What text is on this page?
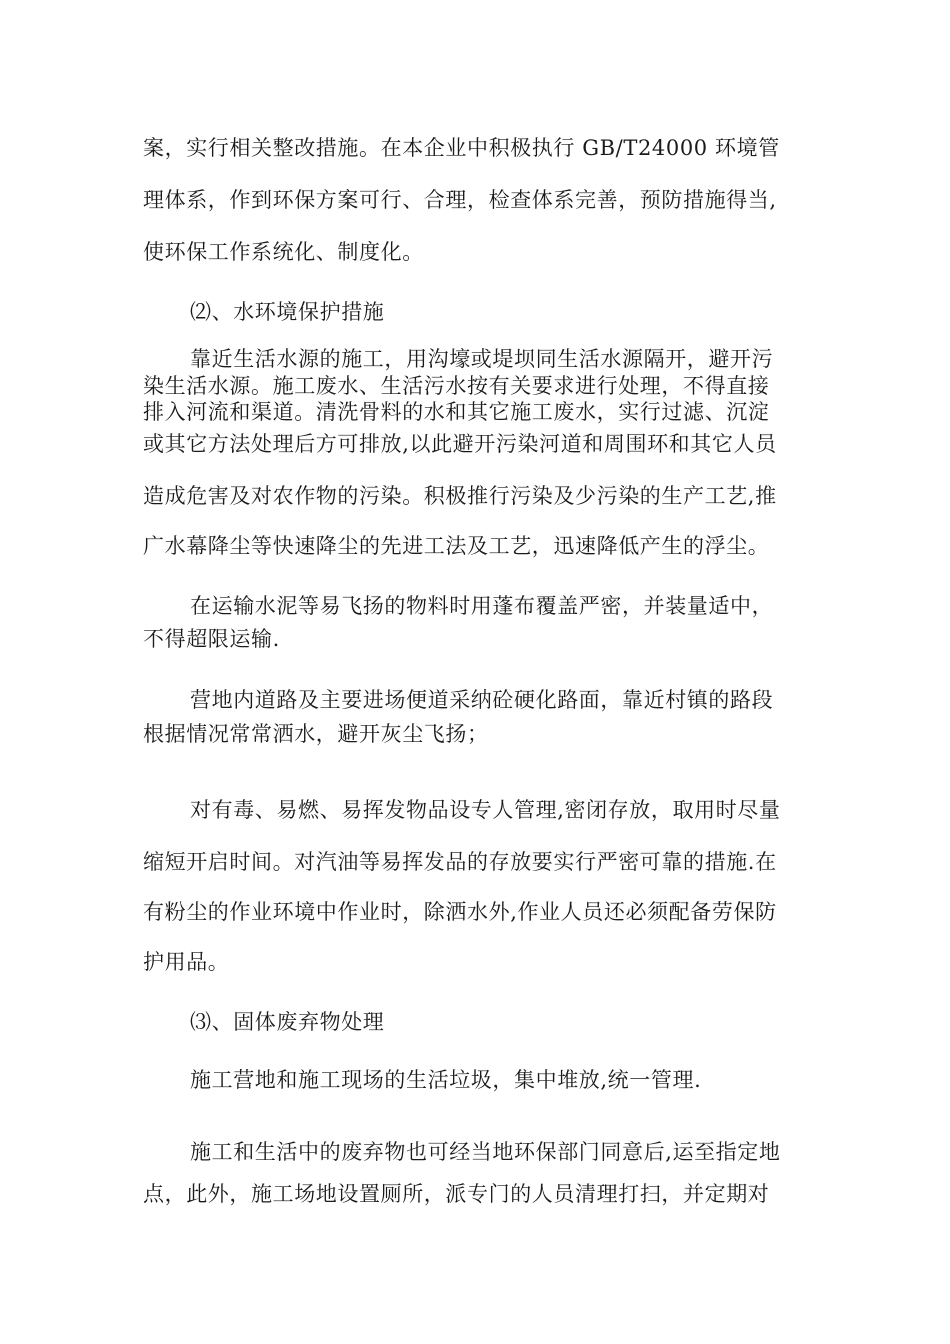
案，实行相关整改措施。在本企业中积极执行 GB/T24000 环境管
理体系，作到环保方案可行、合理，检查体系完善，预防措施得当,
使环保工作系统化、制度化。
⑵、水环境保护措施
靠近生活水源的施工，用沟壕或堤坝同生活水源隔开，避开污
染生活水源。施工废水、生活污水按有关要求进行处理，不得直接
排入河流和渠道。清洗骨料的水和其它施工废水，实行过滤、沉淀
或其它方法处理后方可排放,以此避开污染河道和周围环和其它人员
造成危害及对农作物的污染。积极推行污染及少污染的生产工艺,推
广水幕降尘等快速降尘的先进工法及工艺，迅速降低产生的浮尘。
在运输水泥等易飞扬的物料时用蓬布覆盖严密，并装量适中，
不得超限运输.
营地内道路及主要进场便道采纳砼硬化路面，靠近村镇的路段
根据情况常常洒水，避开灰尘飞扬；
对有毒、易燃、易挥发物品设专人管理,密闭存放，取用时尽量
缩短开启时间。对汽油等易挥发品的存放要实行严密可靠的措施.在
有粉尘的作业环境中作业时，除洒水外,作业人员还必须配备劳保防
护用品。
⑶、固体废弃物处理
施工营地和施工现场的生活垃圾，集中堆放,统一管理.
施工和生活中的废弃物也可经当地环保部门同意后,运至指定地
点，此外，施工场地设置厕所，派专门的人员清理打扫，并定期对
